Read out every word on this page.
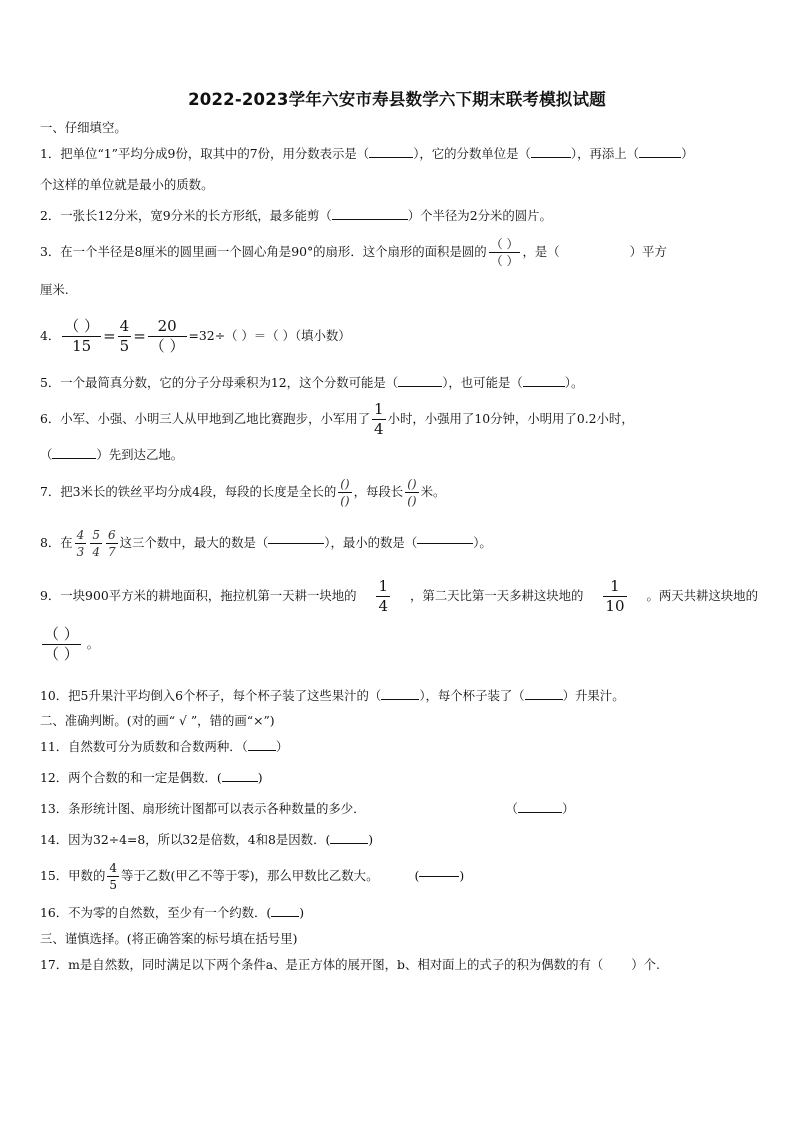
2022-2023学年六安市寿县数学六下期末联考模拟试题
一、仔细填空。
1．把单位“1”平均分成9份，取其中的7份，用分数表示是（	），它的分数单位是（	），再添上（	）
个这样的单位就是最小的质数。
2．一张长12分米，宽9分米的长方形纸，最多能剪（	）个半径为2分米的圆片。
3．在一个半径是8厘米的圆里画一个圆心角是90°的扇形．这个扇形的面积是圆的 $\frac{( )}{( )}$ ，是（	）平方
厘米.
4． $\frac{( )}{15} = \frac{4}{5} = \frac{20}{( )} =32\div$（ ）＝（ ）（填小数）
5．一个最简真分数，它的分子分母乘积为12，这个分数可能是（	），也可能是（	）。
6．小军、小强、小明三人从甲地到乙地比赛跑步，小军用了 $\frac{1}{4}$ 小时，小强用了10分钟，小明用了0.2小时，
（	）先到达乙地。
7．把3米长的铁丝平均分成4段，每段的长度是全长的 $\frac{()}{()}$ ，每段长 $\frac{()}{()}$ 米。
8．在 $\frac{4}{3} \frac{5}{4} \frac{6}{7}$ 这三个数中，最大的数是（	），最小的数是（	）。
9．一块900平方米的耕地面积，拖拉机第一天耕一块地的 $\frac{1}{4}$ ，第二天比第一天多耕这块地的 $\frac{1}{10}$ 。两天共耕这块地的
$\frac{( )}{( )}$ 。
10．把5升果汁平均倒入6个杯子，每个杯子装了这些果汁的（	），每个杯子装了（	）升果汁。
二、准确判断。(对的画“ √ ”，错的画“×”)
11．自然数可分为质数和合数两种．（ ）
12．两个合数的和一定是偶数．(	)
13．条形统计图、扇形统计图都可以表示各种数量的多少．	（	）
14．因为32÷4=8，所以32是倍数，4和8是因数．(	)
15．甲数的 $\frac{4}{5}$ 等于乙数(甲乙不等于零)，那么甲数比乙数大。	(	)
16．不为零的自然数，至少有一个约数．( )
三、谨慎选择。(将正确答案的标号填在括号里)
17．m是自然数，同时满足以下两个条件a、是正方体的展开图，b、相对面上的式子的积为偶数的有（ ）个.
